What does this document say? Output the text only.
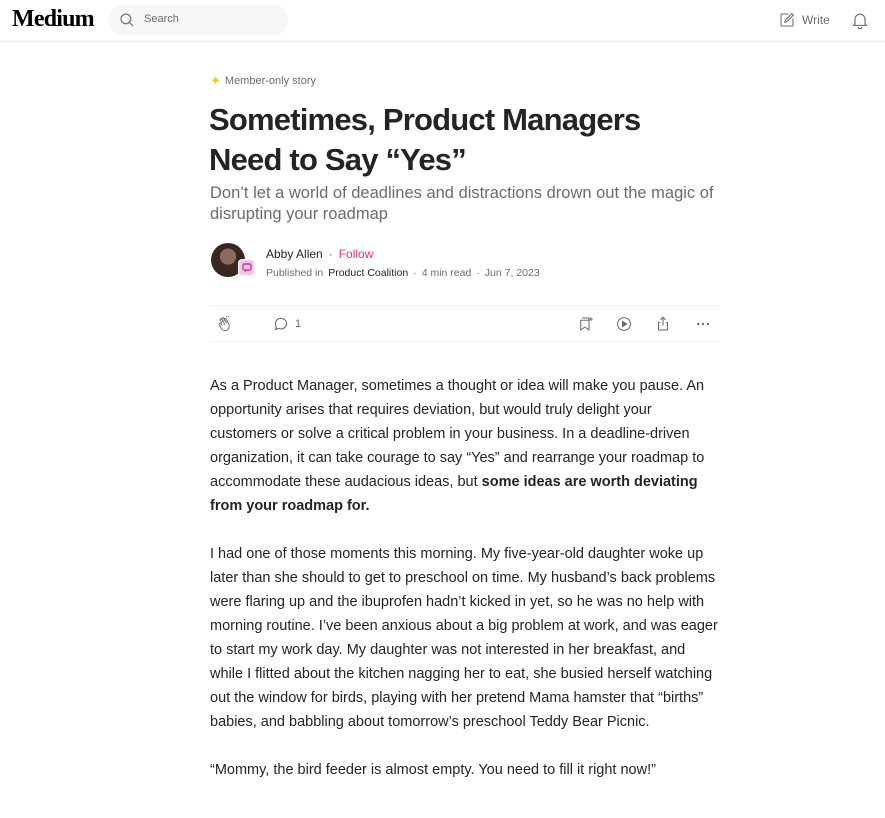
Medium	Search	Write
✦ Member-only story
Sometimes, Product Managers Need to Say “Yes”
Don’t let a world of deadlines and distractions drown out the magic of disrupting your roadmap
Abby Allen · Follow
Published in Product Coalition · 4 min read · Jun 7, 2023
1

As a Product Manager, sometimes a thought or idea will make you pause. An opportunity arises that requires deviation, but would truly delight your customers or solve a critical problem in your business. In a deadline-driven organization, it can take courage to say “Yes” and rearrange your roadmap to accommodate these audacious ideas, but some ideas are worth deviating from your roadmap for.

I had one of those moments this morning. My five-year-old daughter woke up later than she should to get to preschool on time. My husband’s back problems were flaring up and the ibuprofen hadn’t kicked in yet, so he was no help with morning routine. I’ve been anxious about a big problem at work, and was eager to start my work day. My daughter was not interested in her breakfast, and while I flitted about the kitchen nagging her to eat, she busied herself watching out the window for birds, playing with her pretend Mama hamster that “births” babies, and babbling about tomorrow’s preschool Teddy Bear Picnic.

“Mommy, the bird feeder is almost empty. You need to fill it right now!”
